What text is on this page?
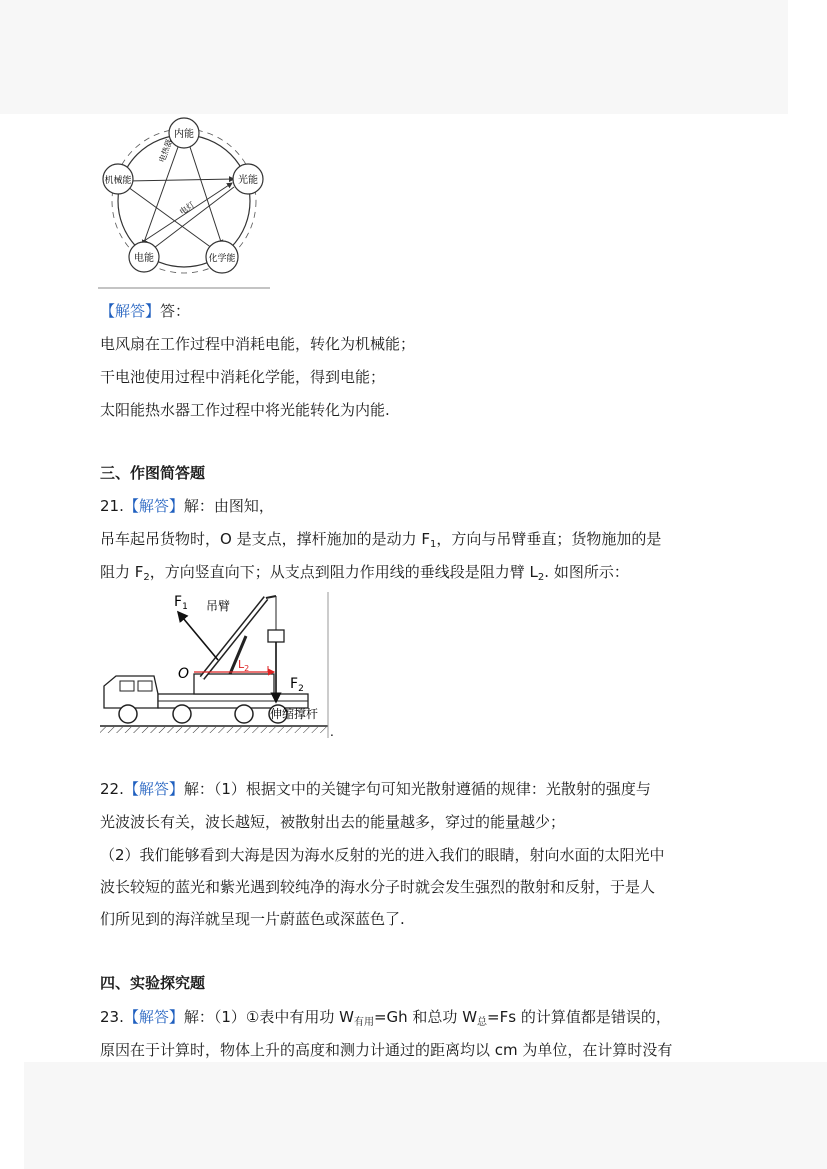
内能
光能
化学能
电能
机械能
电热器
电灯
【解答】答：
电风扇在工作过程中消耗电能，转化为机械能；
干电池使用过程中消耗化学能，得到电能；
太阳能热水器工作过程中将光能转化为内能.
三、作图简答题
21.【解答】解：由图知，
吊车起吊货物时，O 是支点，撑杆施加的是动力 $F_1$，方向与吊臂垂直；货物施加的是
阻力 $F_2$，方向竖直向下；从支点到阻力作用线的垂线段是阻力臂 $L_2$. 如图所示：
$F_1$ 吊臂
O
$L_2$
$F_2$
伸缩撑杆
.
22.【解答】解：（1）根据文中的关键字句可知光散射遵循的规律：光散射的强度与
光波波长有关，波长越短，被散射出去的能量越多，穿过的能量越少；
（2）我们能够看到大海是因为海水反射的光的进入我们的眼睛，射向水面的太阳光中
波长较短的蓝光和紫光遇到较纯净的海水分子时就会发生强烈的散射和反射，于是人
们所见到的海洋就呈现一片蔚蓝色或深蓝色了.
四、实验探究题
23.【解答】解：（1）①表中有用功 $W_{有用}=Gh$ 和总功 $W_总=Fs$ 的计算值都是错误的，
原因在于计算时，物体上升的高度和测力计通过的距离均以 cm 为单位，在计算时没有
